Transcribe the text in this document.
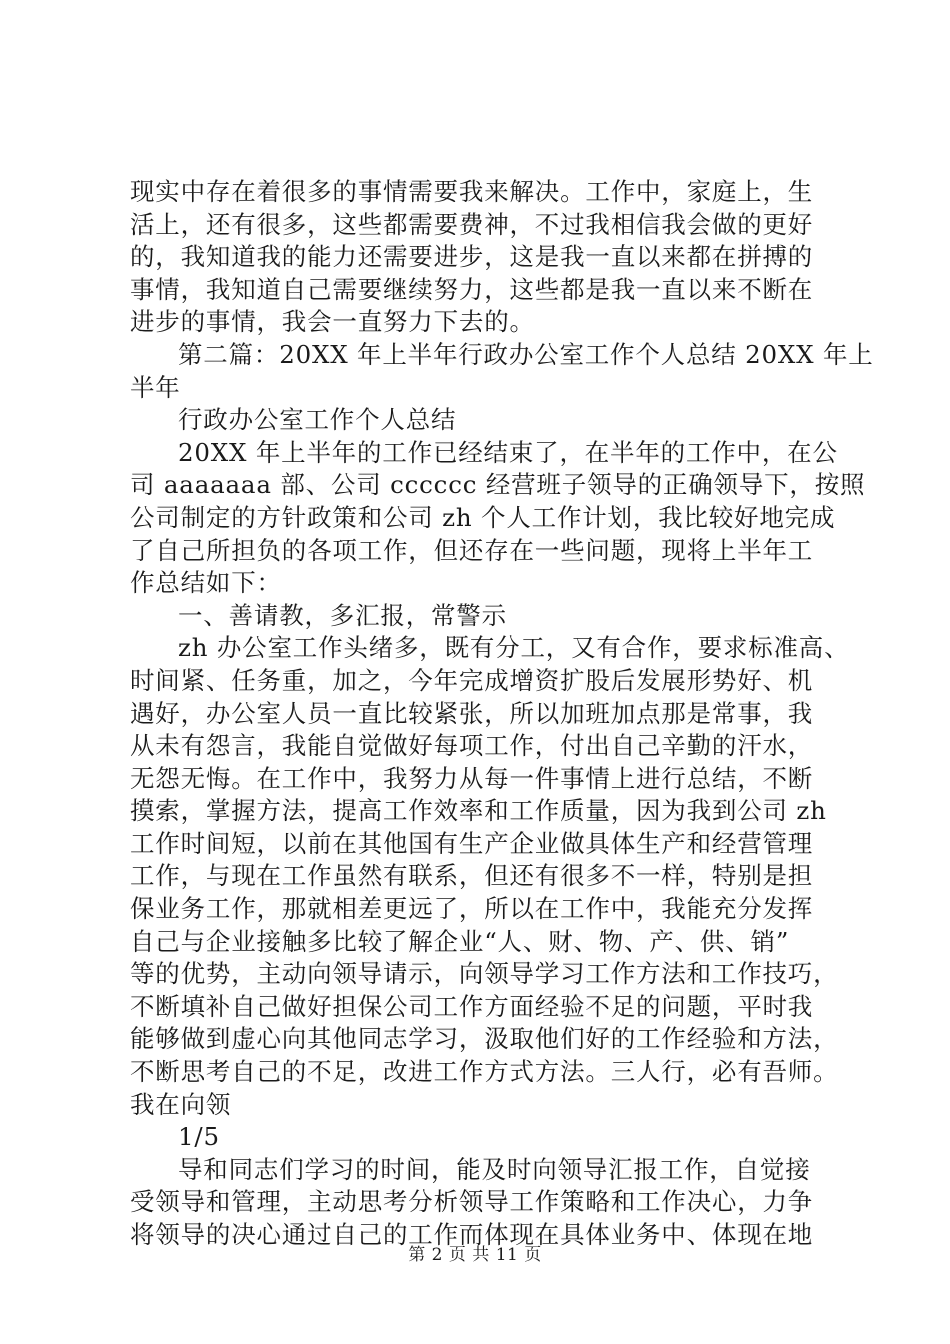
现实中存在着很多的事情需要我来解决。工作中，家庭上，生
活上，还有很多，这些都需要费神，不过我相信我会做的更好
的，我知道我的能力还需要进步，这是我一直以来都在拼搏的
事情，我知道自己需要继续努力，这些都是我一直以来不断在
进步的事情，我会一直努力下去的。
第二篇：20XX 年上半年行政办公室工作个人总结 20XX 年上
半年
行政办公室工作个人总结
20XX 年上半年的工作已经结束了，在半年的工作中，在公
司 aaaaaaa 部、公司 cccccc 经营班子领导的正确领导下，按照
公司制定的方针政策和公司 zh 个人工作计划，我比较好地完成
了自己所担负的各项工作，但还存在一些问题，现将上半年工
作总结如下：
一、善请教，多汇报，常警示
zh 办公室工作头绪多，既有分工，又有合作，要求标准高、
时间紧、任务重，加之，今年完成增资扩股后发展形势好、机
遇好，办公室人员一直比较紧张，所以加班加点那是常事，我
从未有怨言，我能自觉做好每项工作，付出自己辛勤的汗水，
无怨无悔。在工作中，我努力从每一件事情上进行总结，不断
摸索，掌握方法，提高工作效率和工作质量，因为我到公司 zh
工作时间短，以前在其他国有生产企业做具体生产和经营管理
工作，与现在工作虽然有联系，但还有很多不一样，特别是担
保业务工作，那就相差更远了，所以在工作中，我能充分发挥
自己与企业接触多比较了解企业“人、财、物、产、供、销”
等的优势，主动向领导请示，向领导学习工作方法和工作技巧，
不断填补自己做好担保公司工作方面经验不足的问题，平时我
能够做到虚心向其他同志学习，汲取他们好的工作经验和方法，
不断思考自己的不足，改进工作方式方法。三人行，必有吾师。
我在向领
1/5
导和同志们学习的时间，能及时向领导汇报工作，自觉接
受领导和管理，主动思考分析领导工作策略和工作决心，力争
将领导的决心通过自己的工作而体现在具体业务中、体现在地
第 2 页 共 11 页
